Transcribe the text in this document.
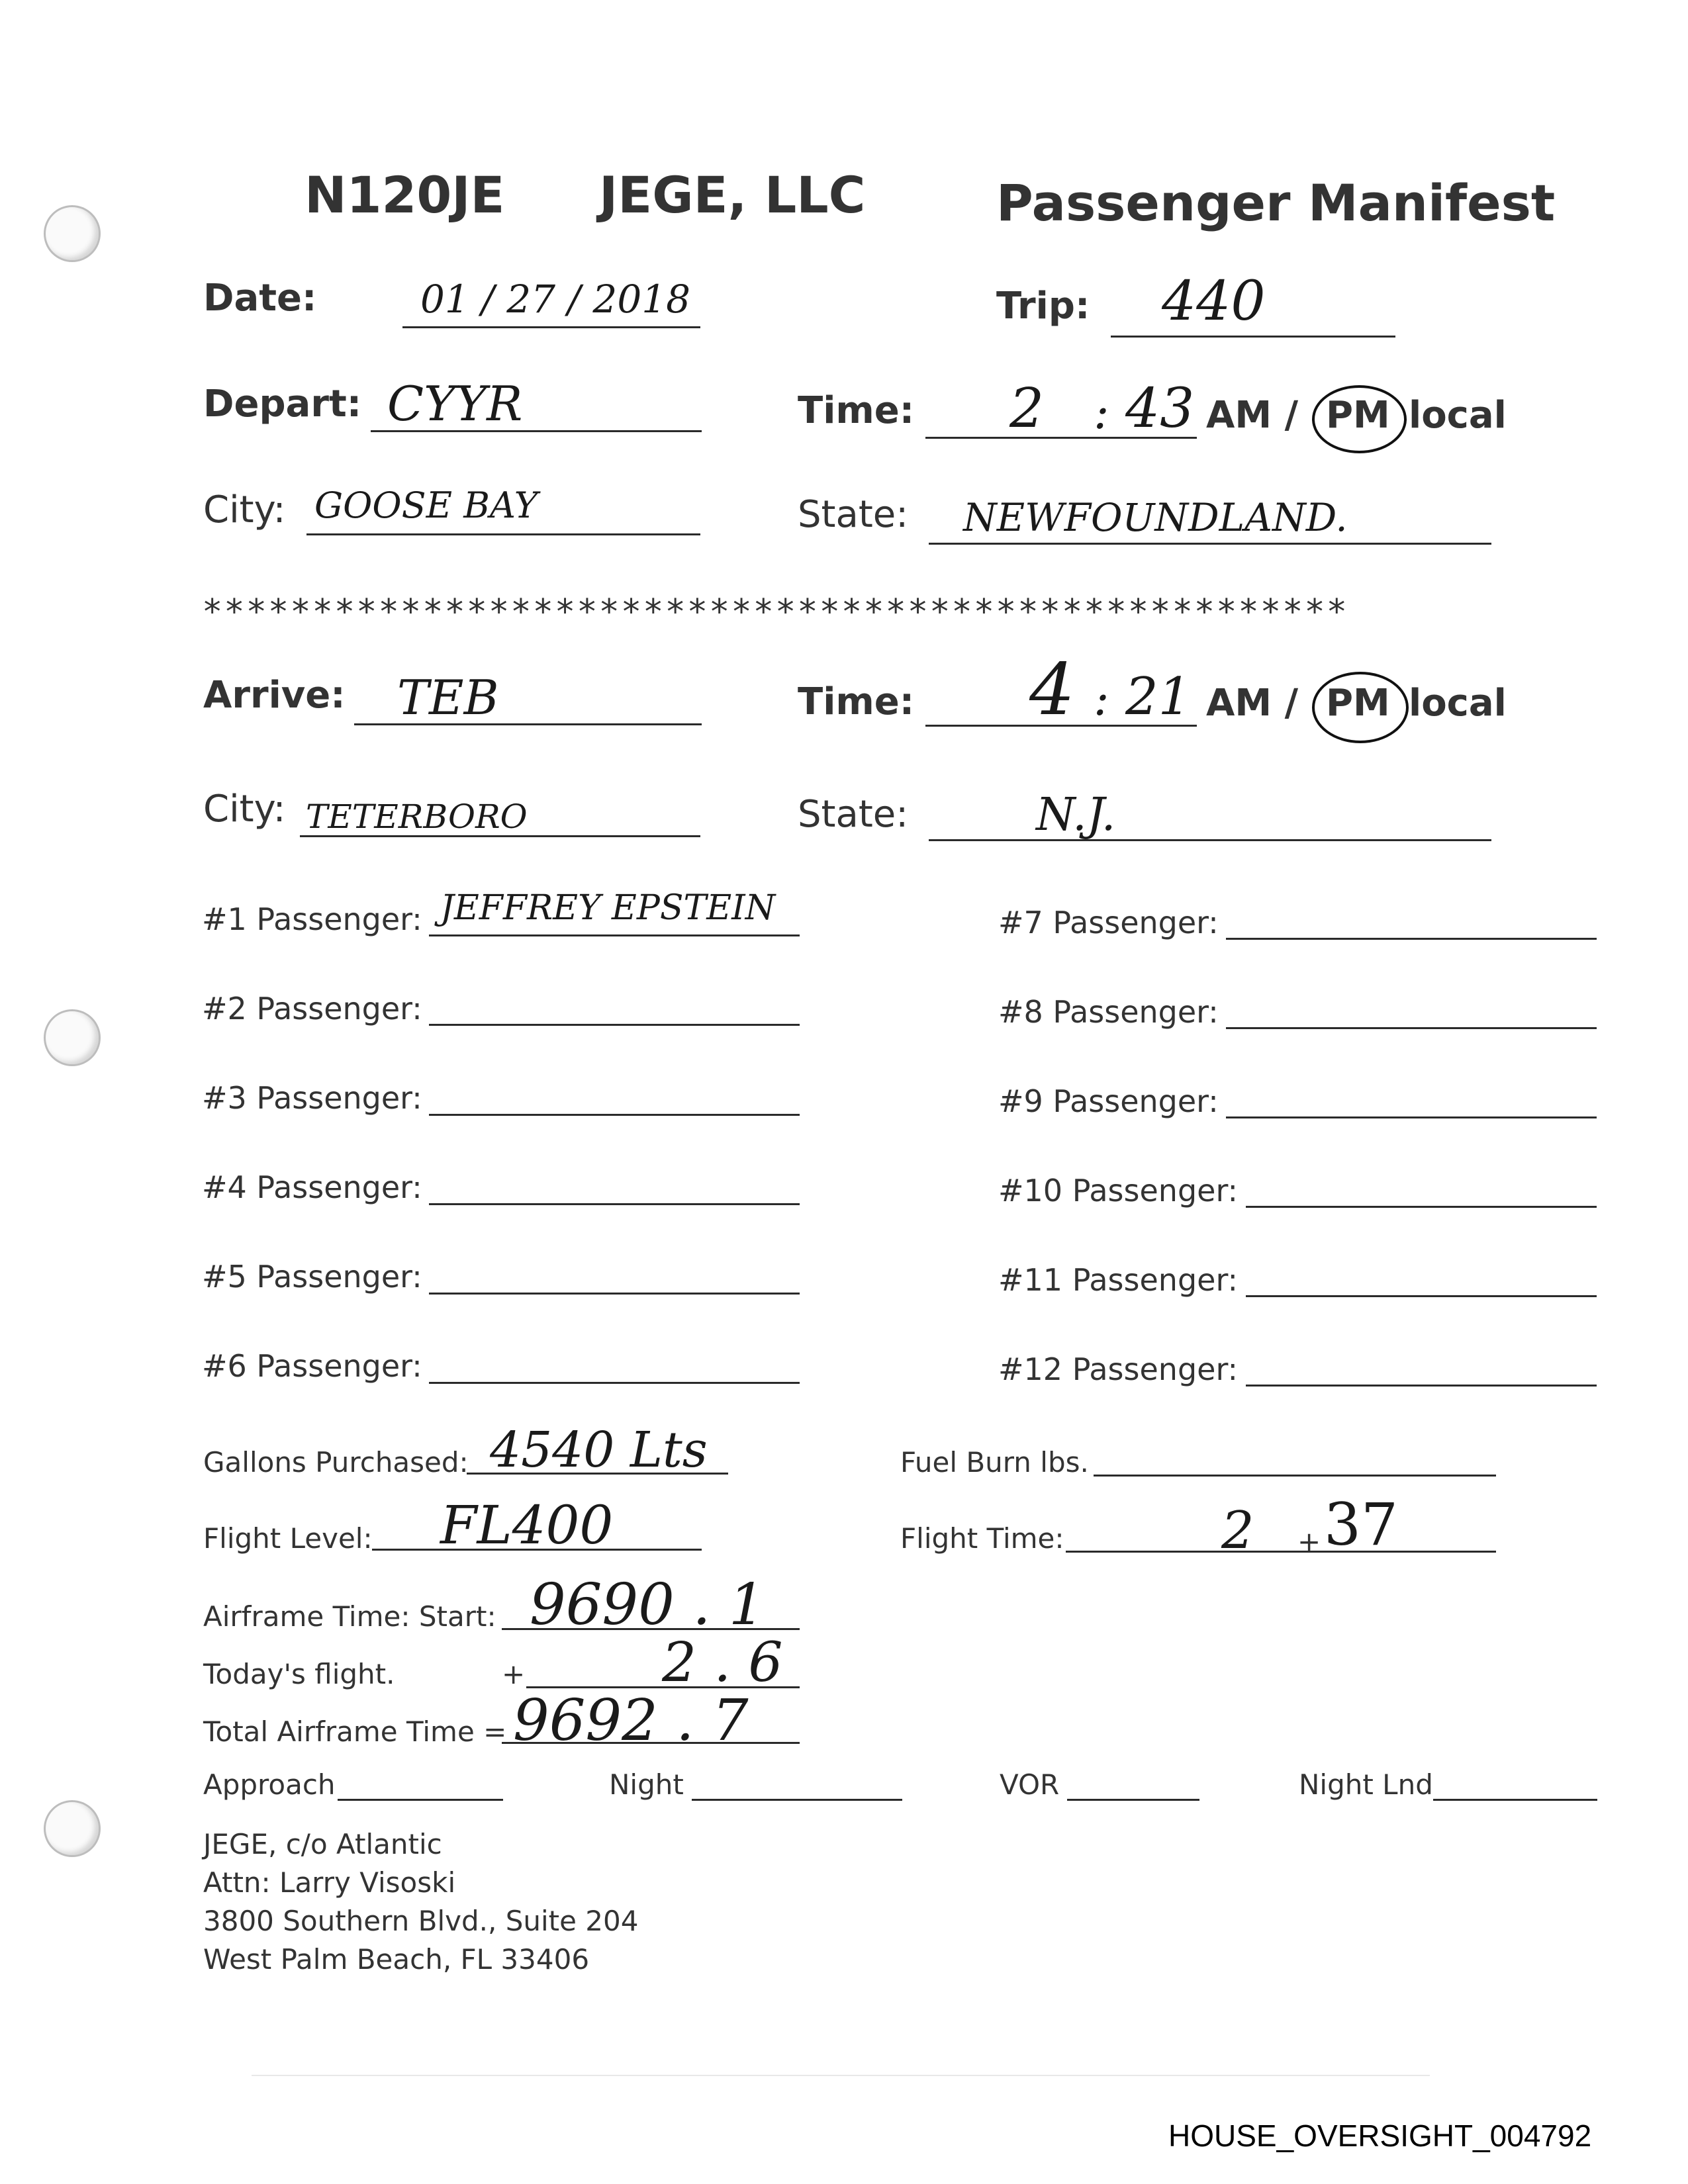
N120JE JEGE, LLC	Passenger Manifest
Date:	01 / 27 / 2018	Trip: 440
Depart: CYYR	Time: 2 : 43 AM / PM local
City: GOOSE BAY	State: NEWFOUNDLAND.
****************************************************
Arrive: TEB	Time: 4 : 21 AM / PM local
City: TETERBORO	State:	N.J.
#1 Passenger: JEFFREY EPSTEIN
#2 Passenger:
#3 Passenger:
#4 Passenger:
#5 Passenger:
#6 Passenger:
#7 Passenger:
#8 Passenger:
#9 Passenger:
#10 Passenger:
#11 Passenger:
#12 Passenger:
Gallons Purchased: 4540 Lts	Fuel Burn lbs.
Flight Level: FL400	Flight Time:	2 + 37
Airframe Time: Start: 9690 . 1
Today's flight.	+	2 . 6
Total Airframe Time = 9692 . 7
Approach	Night	VOR	Night Lnd
JEGE, c/o Atlantic
Attn: Larry Visoski
3800 Southern Blvd., Suite 204
West Palm Beach, FL 33406
HOUSE_OVERSIGHT_004792
